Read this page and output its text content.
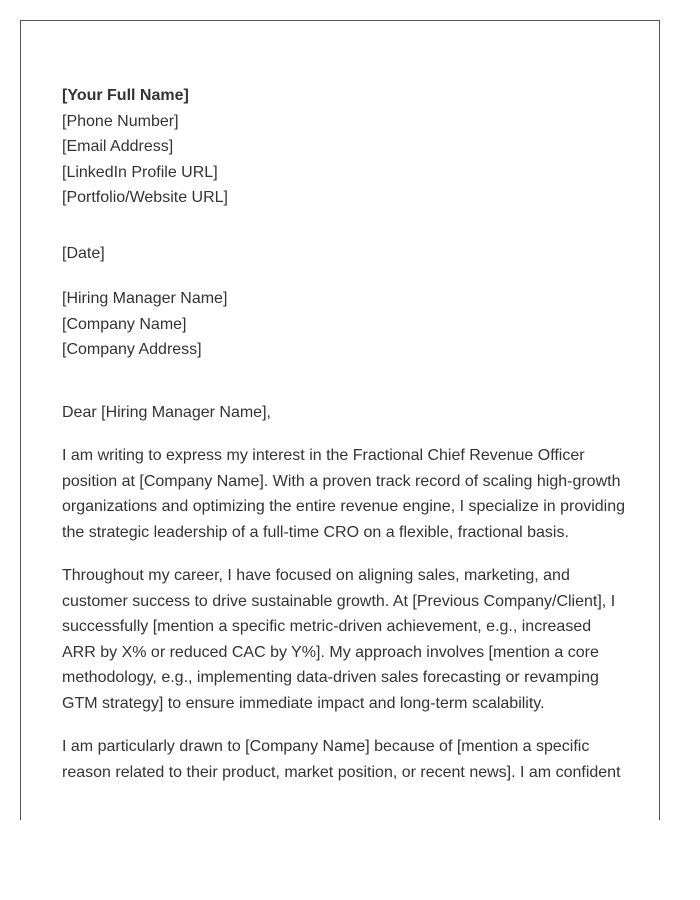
[Your Full Name]
[Phone Number]
[Email Address]
[LinkedIn Profile URL]
[Portfolio/Website URL]
[Date]
[Hiring Manager Name]
[Company Name]
[Company Address]
Dear [Hiring Manager Name],
I am writing to express my interest in the Fractional Chief Revenue Officer position at [Company Name]. With a proven track record of scaling high-growth organizations and optimizing the entire revenue engine, I specialize in providing the strategic leadership of a full-time CRO on a flexible, fractional basis.
Throughout my career, I have focused on aligning sales, marketing, and customer success to drive sustainable growth. At [Previous Company/Client], I successfully [mention a specific metric-driven achievement, e.g., increased ARR by X% or reduced CAC by Y%]. My approach involves [mention a core methodology, e.g., implementing data-driven sales forecasting or revamping GTM strategy] to ensure immediate impact and long-term scalability.
I am particularly drawn to [Company Name] because of [mention a specific reason related to their product, market position, or recent news]. I am confident
